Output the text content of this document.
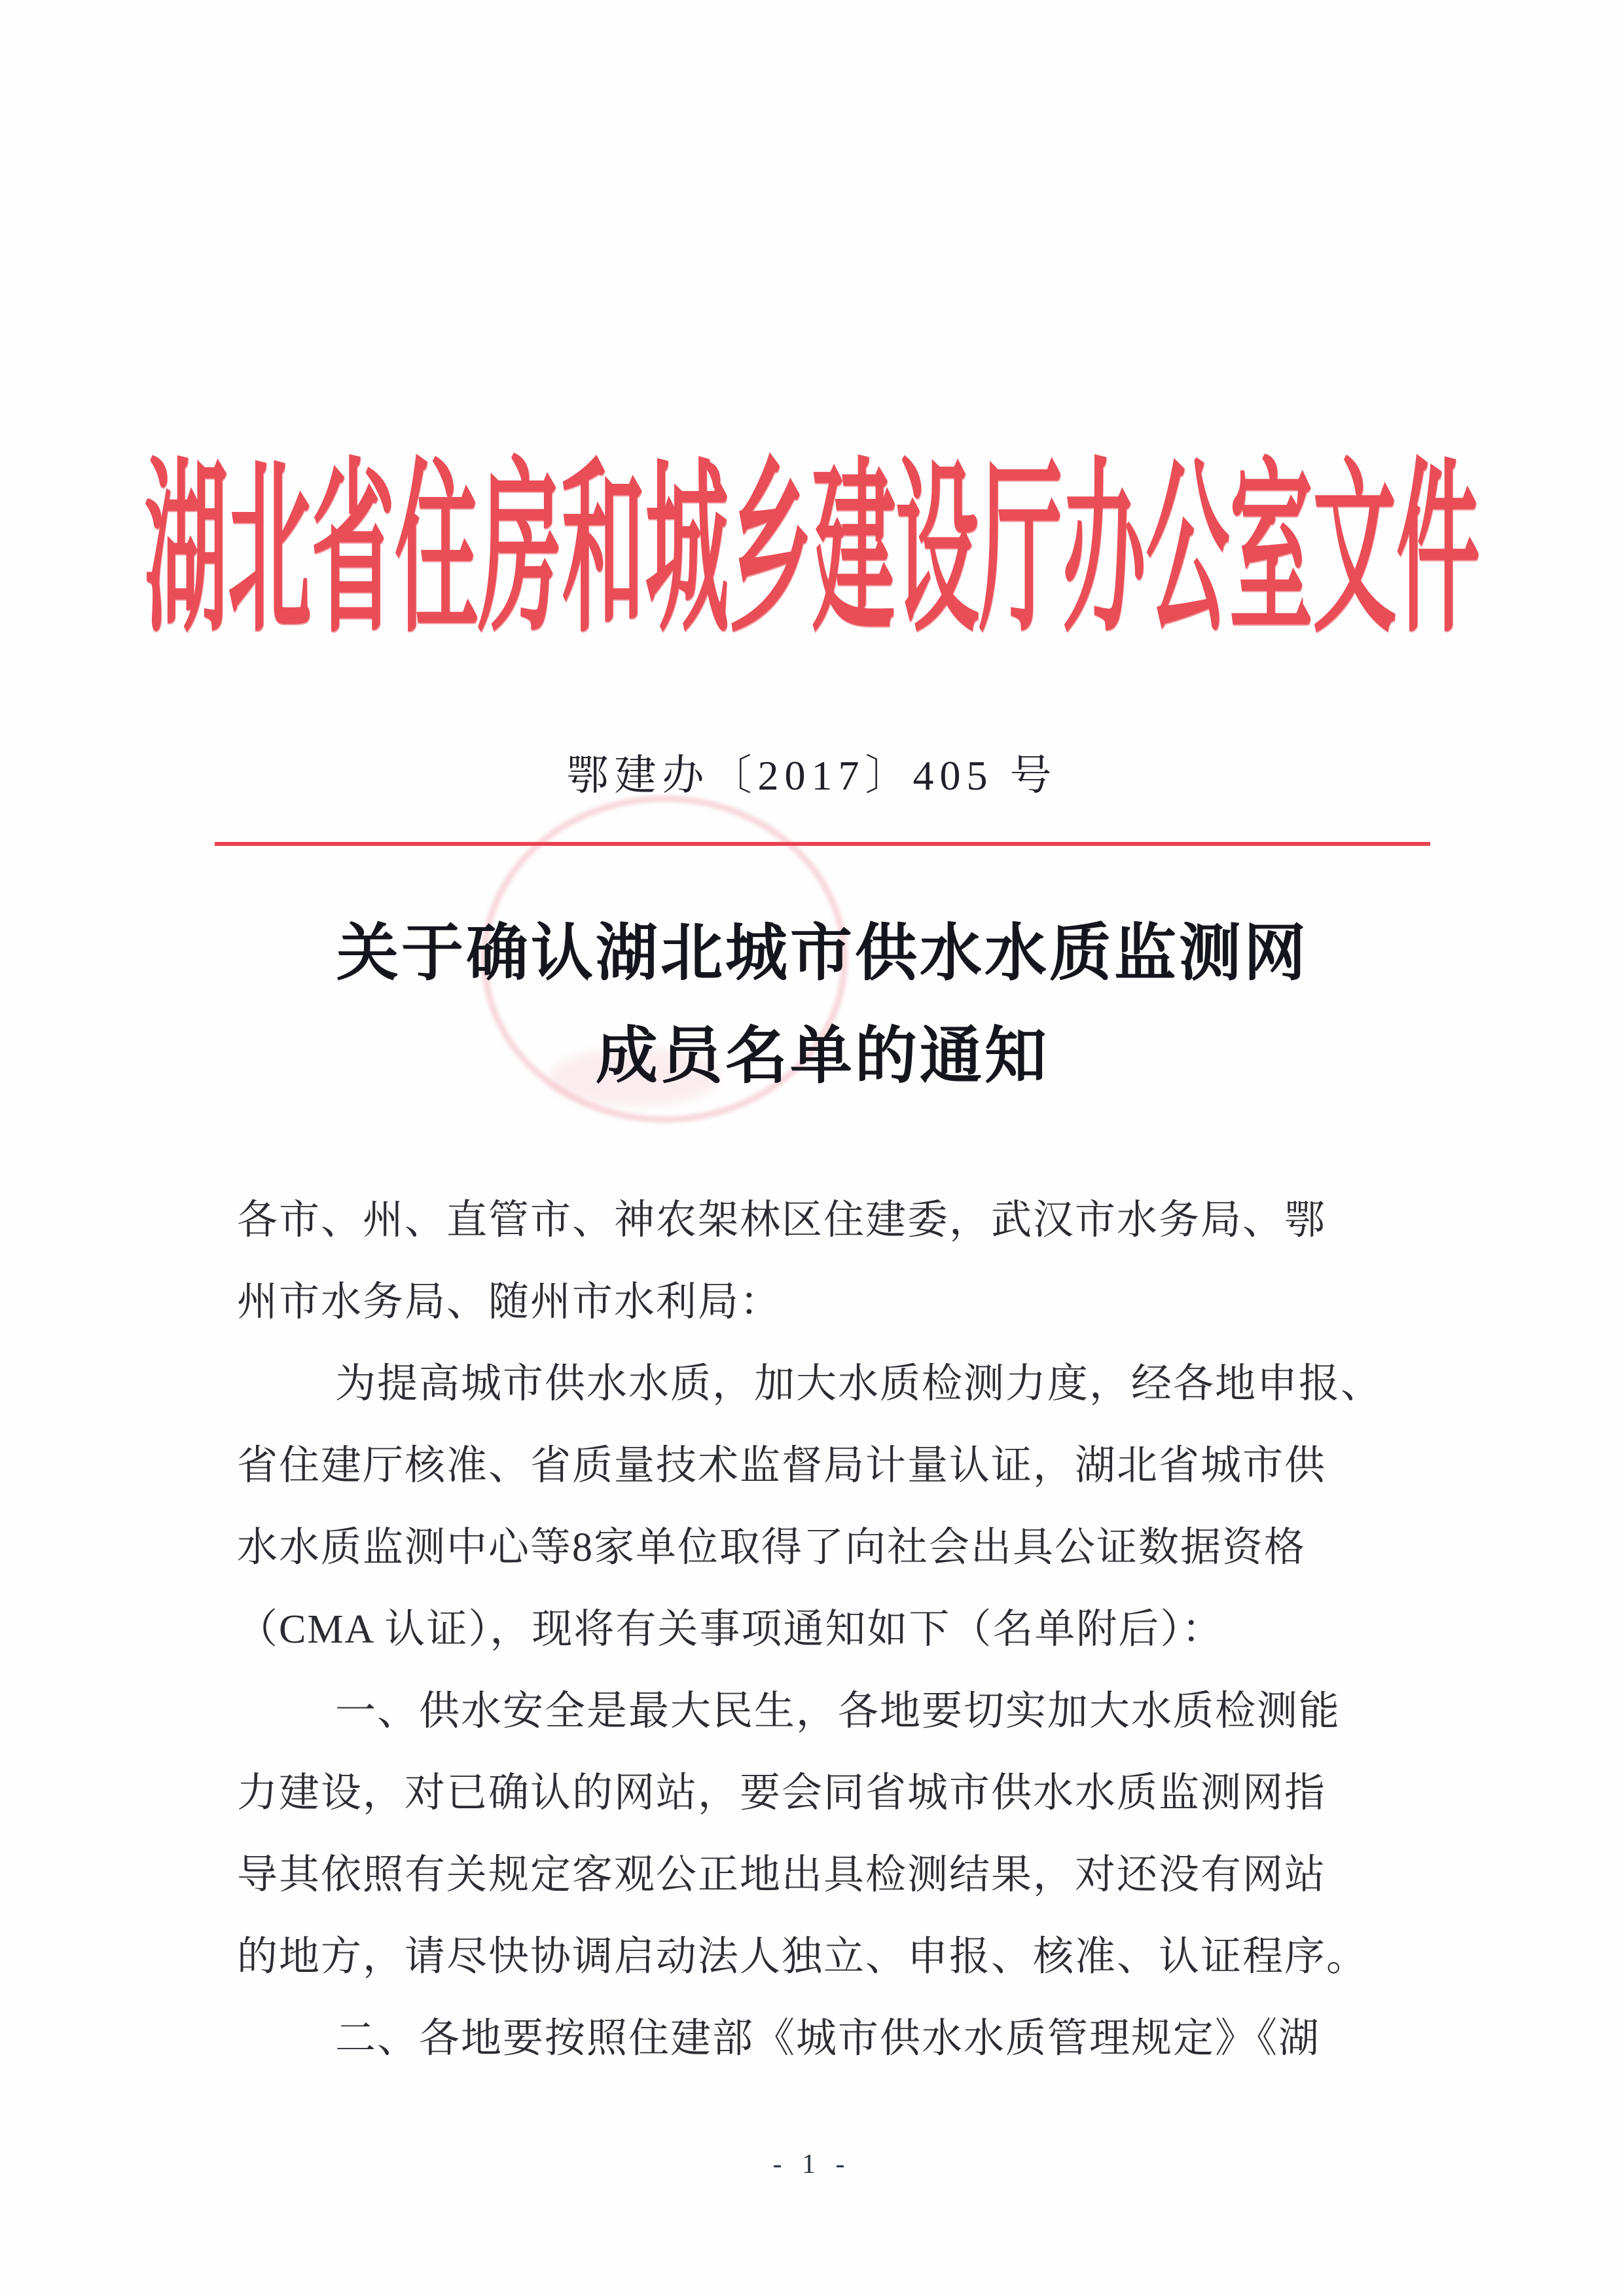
湖北省住房和城乡建设厅办公室文件
鄂建办〔2017〕405 号
关于确认湖北城市供水水质监测网
成员名单的通知
各市、州、直管市、神农架林区住建委，武汉市水务局、鄂
州市水务局、随州市水利局：
为提高城市供水水质，加大水质检测力度，经各地申报、
省住建厅核准、省质量技术监督局计量认证，湖北省城市供
水水质监测中心等8家单位取得了向社会出具公证数据资格
（CMA 认证），现将有关事项通知如下（名单附后）：
一、供水安全是最大民生，各地要切实加大水质检测能
力建设，对已确认的网站，要会同省城市供水水质监测网指
导其依照有关规定客观公正地出具检测结果，对还没有网站
的地方，请尽快协调启动法人独立、申报、核准、认证程序。
二、各地要按照住建部《城市供水水质管理规定》《湖
- 1 -
